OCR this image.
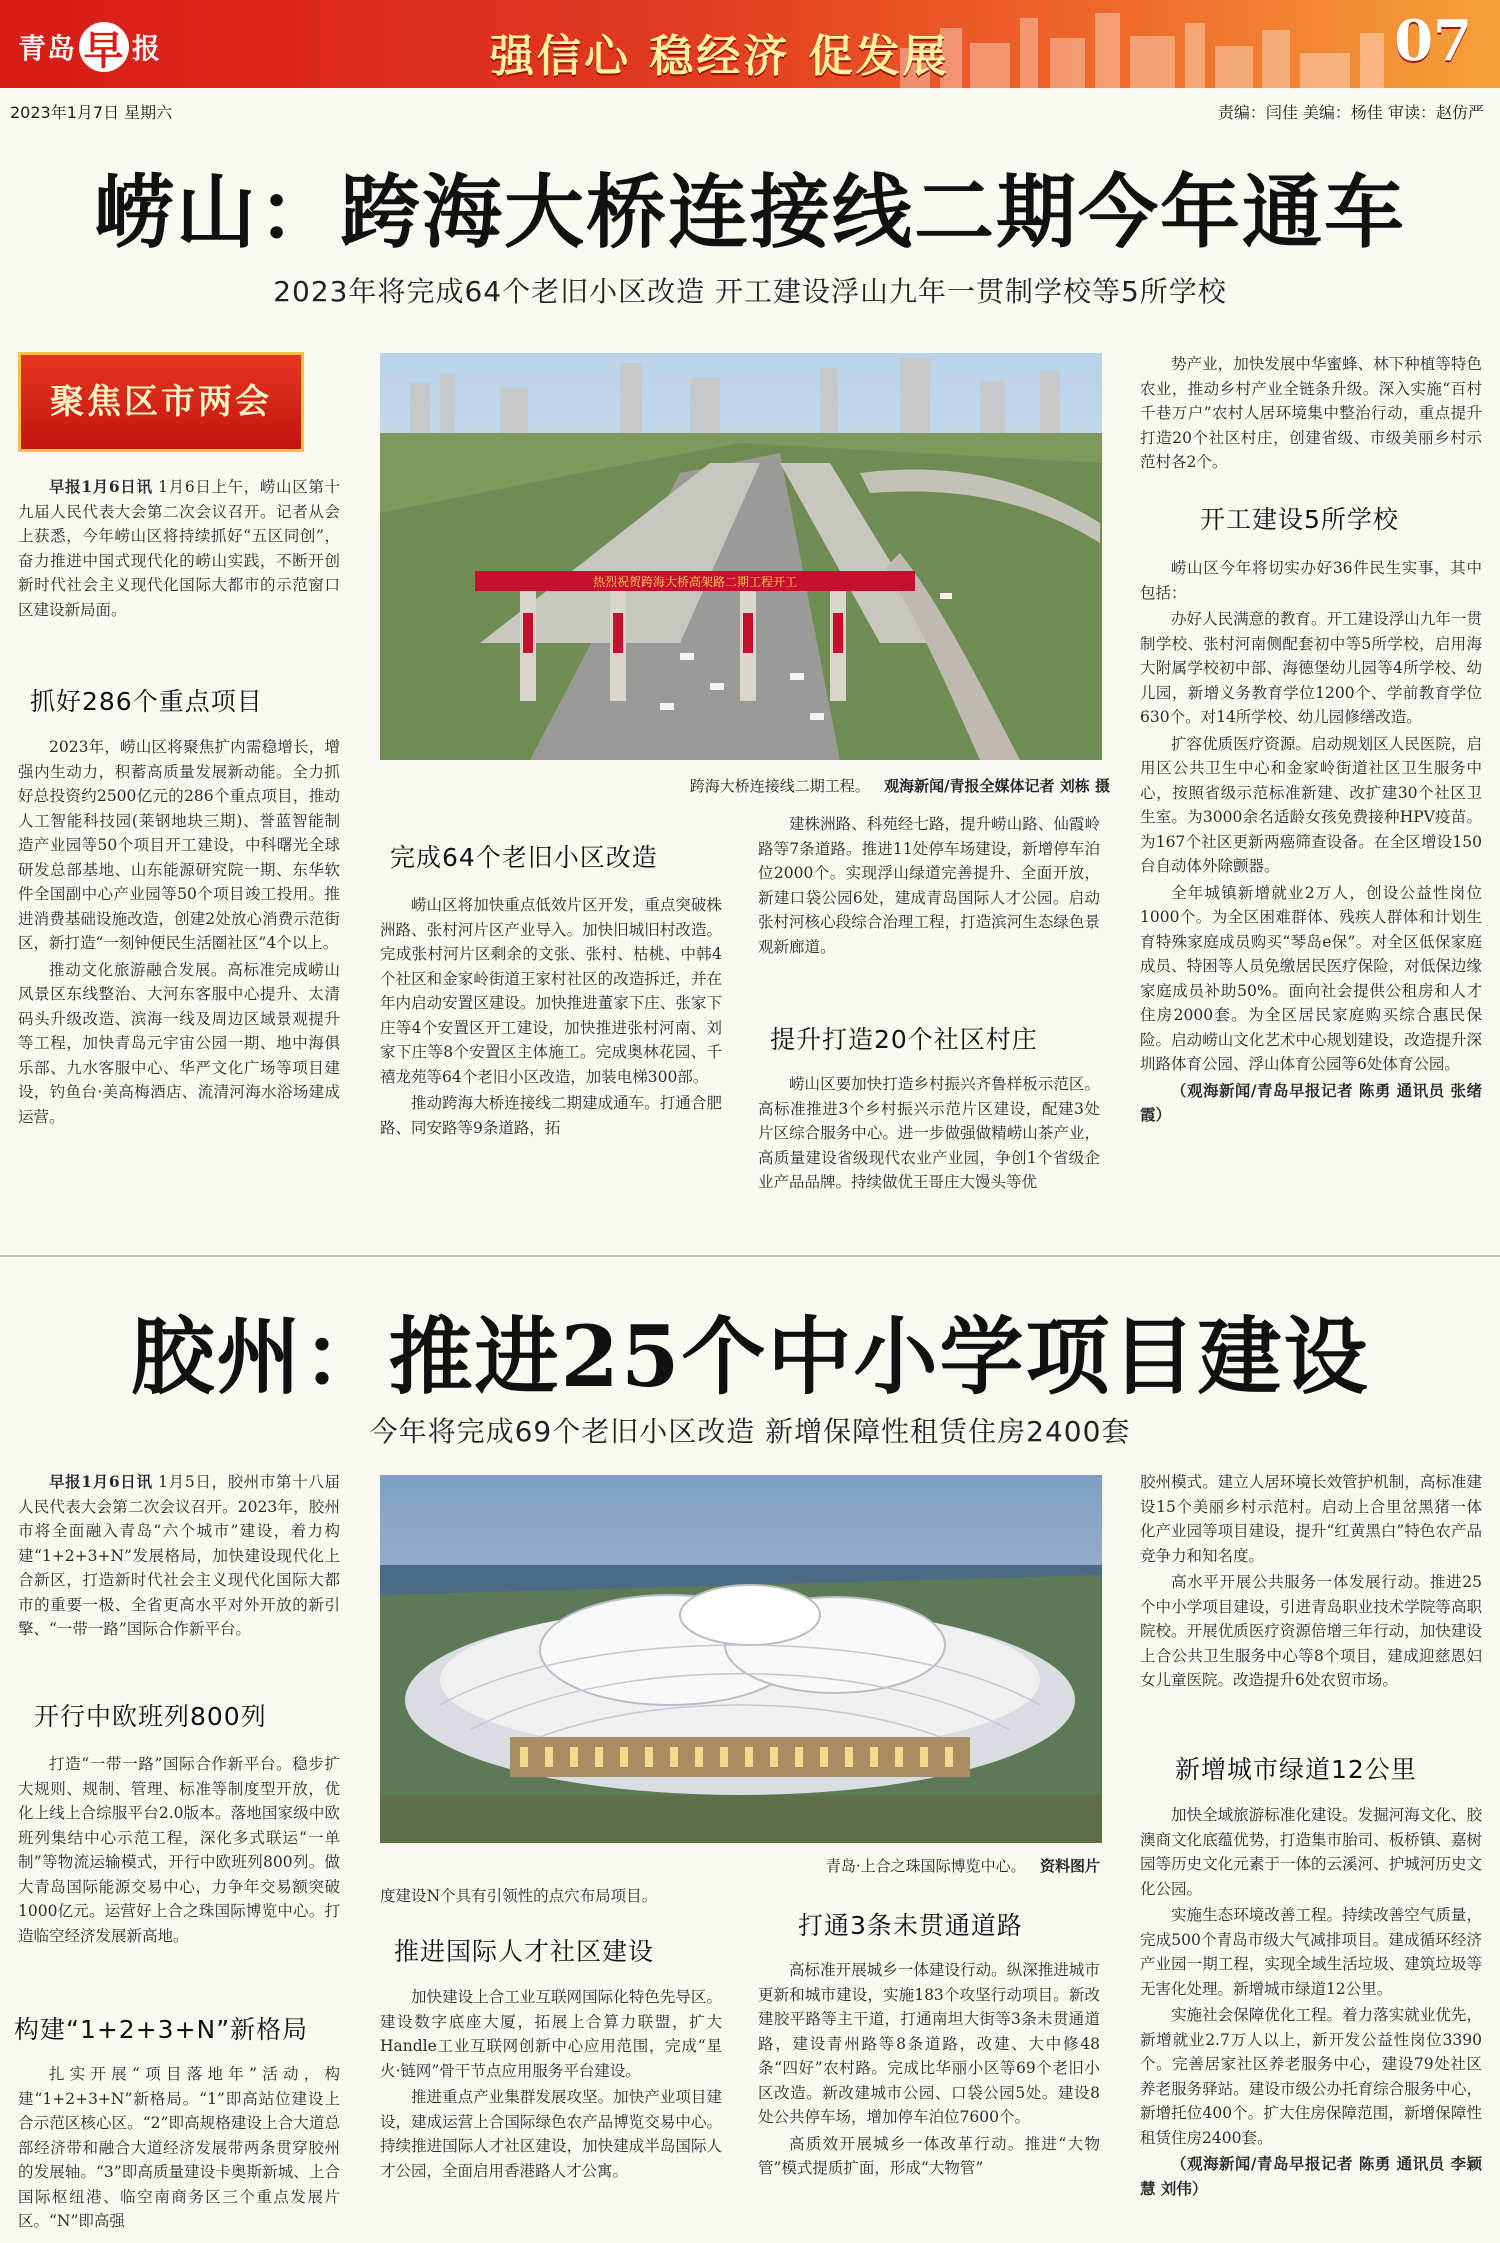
青岛 早 报	强信心 稳经济 促发展	07
2023年1月7日 星期六	责编：闫佳 美编：杨佳 审读：赵仿严
崂山：跨海大桥连接线二期今年通车
2023年将完成64个老旧小区改造 开工建设浮山九年一贯制学校等5所学校
聚焦区市两会

早报1月6日讯 1月6日上午，崂山区第十九届人民代表大会第二次会议召开。记者从会上获悉，今年崂山区将持续抓好“五区同创”，奋力推进中国式现代化的崂山实践，不断开创新时代社会主义现代化国际大都市的示范窗口区建设新局面。

抓好286个重点项目

2023年，崂山区将聚焦扩内需稳增长，增强内生动力，积蓄高质量发展新动能。全力抓好总投资约2500亿元的286个重点项目，推动人工智能科技园(莱钢地块三期)、誉蓝智能制造产业园等50个项目开工建设，中科曙光全球研发总部基地、山东能源研究院一期、东华软件全国副中心产业园等50个项目竣工投用。推进消费基础设施改造，创建2处放心消费示范街区，新打造“一刻钟便民生活圈社区”4个以上。

推动文化旅游融合发展。高标准完成崂山风景区东线整治、大河东客服中心提升、太清码头升级改造、滨海一线及周边区域景观提升等工程，加快青岛元宇宙公园一期、地中海俱乐部、九水客服中心、华严文化广场等项目建设，钓鱼台·美高梅酒店、流清河海水浴场建成运营。

热烈祝贺跨海大桥高架路二期工程开工
跨海大桥连接线二期工程。 观海新闻/青报全媒体记者 刘栋 摄
完成64个老旧小区改造

崂山区将加快重点低效片区开发，重点突破株洲路、张村河片区产业导入。加快旧城旧村改造。完成张村河片区剩余的文张、张村、枯桃、中韩4个社区和金家岭街道王家村社区的改造拆迁，并在年内启动安置区建设。加快推进董家下庄、张家下庄等4个安置区开工建设，加快推进张村河南、刘家下庄等8个安置区主体施工。完成奥林花园、千禧龙苑等64个老旧小区改造，加装电梯300部。

推动跨海大桥连接线二期建成通车。打通合肥路、同安路等9条道路，拓

建株洲路、科苑经七路，提升崂山路、仙霞岭路等7条道路。推进11处停车场建设，新增停车泊位2000个。实现浮山绿道完善提升、全面开放，新建口袋公园6处，建成青岛国际人才公园。启动张村河核心段综合治理工程，打造滨河生态绿色景观新廊道。

提升打造20个社区村庄

崂山区要加快打造乡村振兴齐鲁样板示范区。高标准推进3个乡村振兴示范片区建设，配建3处片区综合服务中心。进一步做强做精崂山茶产业，高质量建设省级现代农业产业园，争创1个省级企业产品品牌。持续做优王哥庄大馒头等优

势产业，加快发展中华蜜蜂、林下种植等特色农业，推动乡村产业全链条升级。深入实施“百村千巷万户”农村人居环境集中整治行动，重点提升打造20个社区村庄，创建省级、市级美丽乡村示范村各2个。

开工建设5所学校

崂山区今年将切实办好36件民生实事，其中包括：

办好人民满意的教育。开工建设浮山九年一贯制学校、张村河南侧配套初中等5所学校，启用海大附属学校初中部、海德堡幼儿园等4所学校、幼儿园，新增义务教育学位1200个、学前教育学位630个。对14所学校、幼儿园修缮改造。

扩容优质医疗资源。启动规划区人民医院，启用区公共卫生中心和金家岭街道社区卫生服务中心，按照省级示范标准新建、改扩建30个社区卫生室。为3000余名适龄女孩免费接种HPV疫苗。为167个社区更新两癌筛查设备。在全区增设150台自动体外除颤器。

全年城镇新增就业2万人，创设公益性岗位1000个。为全区困难群体、残疾人群体和计划生育特殊家庭成员购买“琴岛e保”。对全区低保家庭成员、特困等人员免缴居民医疗保险，对低保边缘家庭成员补助50%。面向社会提供公租房和人才住房2000套。为全区居民家庭购买综合惠民保险。启动崂山文化艺术中心规划建设，改造提升深圳路体育公园、浮山体育公园等6处体育公园。

（观海新闻/青岛早报记者 陈勇 通讯员 张绪霞）

胶州：推进25个中小学项目建设
今年将完成69个老旧小区改造 新增保障性租赁住房2400套

早报1月6日讯 1月5日，胶州市第十八届人民代表大会第二次会议召开。2023年，胶州市将全面融入青岛“六个城市”建设，着力构建“1+2+3+N”发展格局，加快建设现代化上合新区，打造新时代社会主义现代化国际大都市的重要一极、全省更高水平对外开放的新引擎、“一带一路”国际合作新平台。

开行中欧班列800列

打造“一带一路”国际合作新平台。稳步扩大规则、规制、管理、标准等制度型开放，优化上线上合综服平台2.0版本。落地国家级中欧班列集结中心示范工程，深化多式联运“一单制”等物流运输模式，开行中欧班列800列。做大青岛国际能源交易中心，力争年交易额突破1000亿元。运营好上合之珠国际博览中心。打造临空经济发展新高地。

构建“1+2+3+N”新格局

扎实开展“项目落地年”活动，构建“1+2+3+N”新格局。“1”即高站位建设上合示范区核心区。“2”即高规格建设上合大道总部经济带和融合大道经济发展带两条贯穿胶州的发展轴。“3”即高质量建设卡奥斯新城、上合国际枢纽港、临空南商务区三个重点发展片区。“N”即高强

青岛·上合之珠国际博览中心。 资料图片

度建设N个具有引领性的点穴布局项目。

推进国际人才社区建设

加快建设上合工业互联网国际化特色先导区。建设数字底座大厦，拓展上合算力联盟，扩大Handle工业互联网创新中心应用范围，完成“星火·链网”骨干节点应用服务平台建设。

推进重点产业集群发展攻坚。加快产业项目建设，建成运营上合国际绿色农产品博览交易中心。持续推进国际人才社区建设，加快建成半岛国际人才公园，全面启用香港路人才公寓。

打通3条未贯通道路

高标准开展城乡一体建设行动。纵深推进城市更新和城市建设，实施183个攻坚行动项目。新改建胶平路等主干道，打通南坦大街等3条未贯通道路，建设青州路等8条道路，改建、大中修48条“四好”农村路。完成比华丽小区等69个老旧小区改造。新改建城市公园、口袋公园5处。建设8处公共停车场，增加停车泊位7600个。

高质效开展城乡一体改革行动。推进“大物管”模式提质扩面，形成“大物管”

胶州模式。建立人居环境长效管护机制，高标准建设15个美丽乡村示范村。启动上合里岔黑猪一体化产业园等项目建设，提升“红黄黑白”特色农产品竞争力和知名度。

高水平开展公共服务一体发展行动。推进25个中小学项目建设，引进青岛职业技术学院等高职院校。开展优质医疗资源倍增三年行动，加快建设上合公共卫生服务中心等8个项目，建成迎慈恩妇女儿童医院。改造提升6处农贸市场。

新增城市绿道12公里

加快全域旅游标准化建设。发掘河海文化、胶澳商文化底蕴优势，打造集市胎司、板桥镇、嘉树园等历史文化元素于一体的云溪河、护城河历史文化公园。

实施生态环境改善工程。持续改善空气质量，完成500个青岛市级大气减排项目。建成循环经济产业园一期工程，实现全域生活垃圾、建筑垃圾等无害化处理。新增城市绿道12公里。

实施社会保障优化工程。着力落实就业优先，新增就业2.7万人以上，新开发公益性岗位3390个。完善居家社区养老服务中心，建设79处社区养老服务驿站。建设市级公办托育综合服务中心，新增托位400个。扩大住房保障范围，新增保障性租赁住房2400套。

（观海新闻/青岛早报记者 陈勇 通讯员 李颖慧 刘伟）
